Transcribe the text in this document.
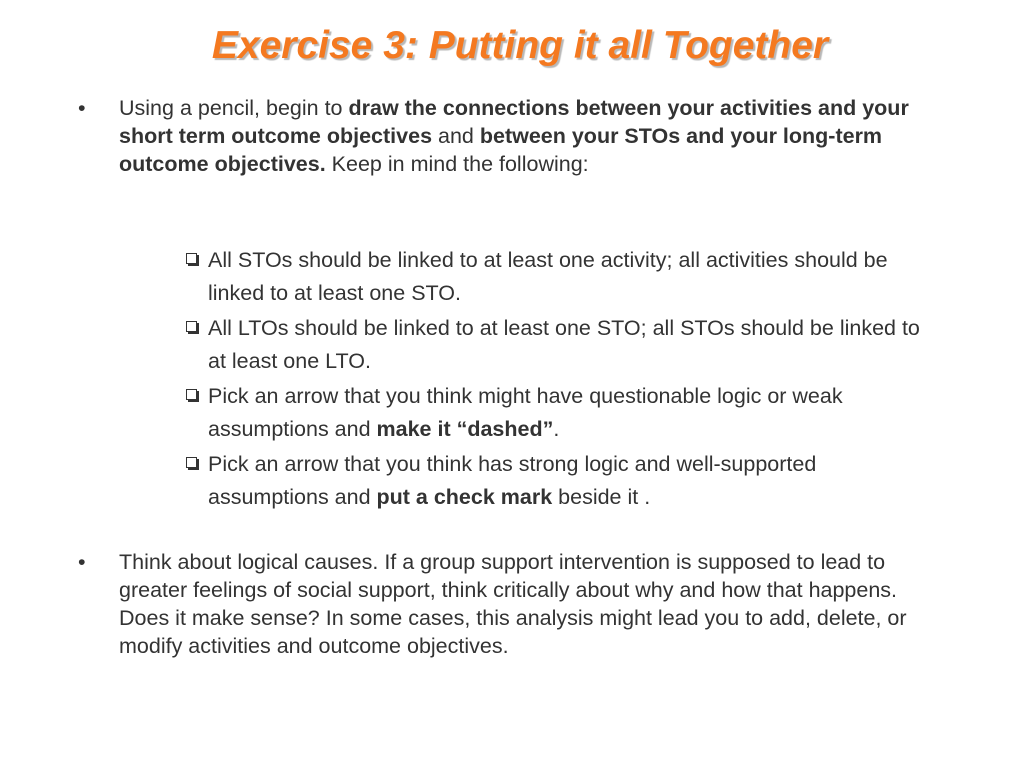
Exercise 3: Putting it all Together
• Using a pencil, begin to draw the connections between your activities and your short term outcome objectives and between your STOs and your long-term outcome objectives. Keep in mind the following:
All STOs should be linked to at least one activity; all activities should be linked to at least one STO.
All LTOs should be linked to at least one STO; all STOs should be linked to at least one LTO.
Pick an arrow that you think might have questionable logic or weak assumptions and make it “dashed”.
Pick an arrow that you think has strong logic and well-supported assumptions and put a check mark beside it .
• Think about logical causes. If a group support intervention is supposed to lead to greater feelings of social support, think critically about why and how that happens. Does it make sense? In some cases, this analysis might lead you to add, delete, or modify activities and outcome objectives.
